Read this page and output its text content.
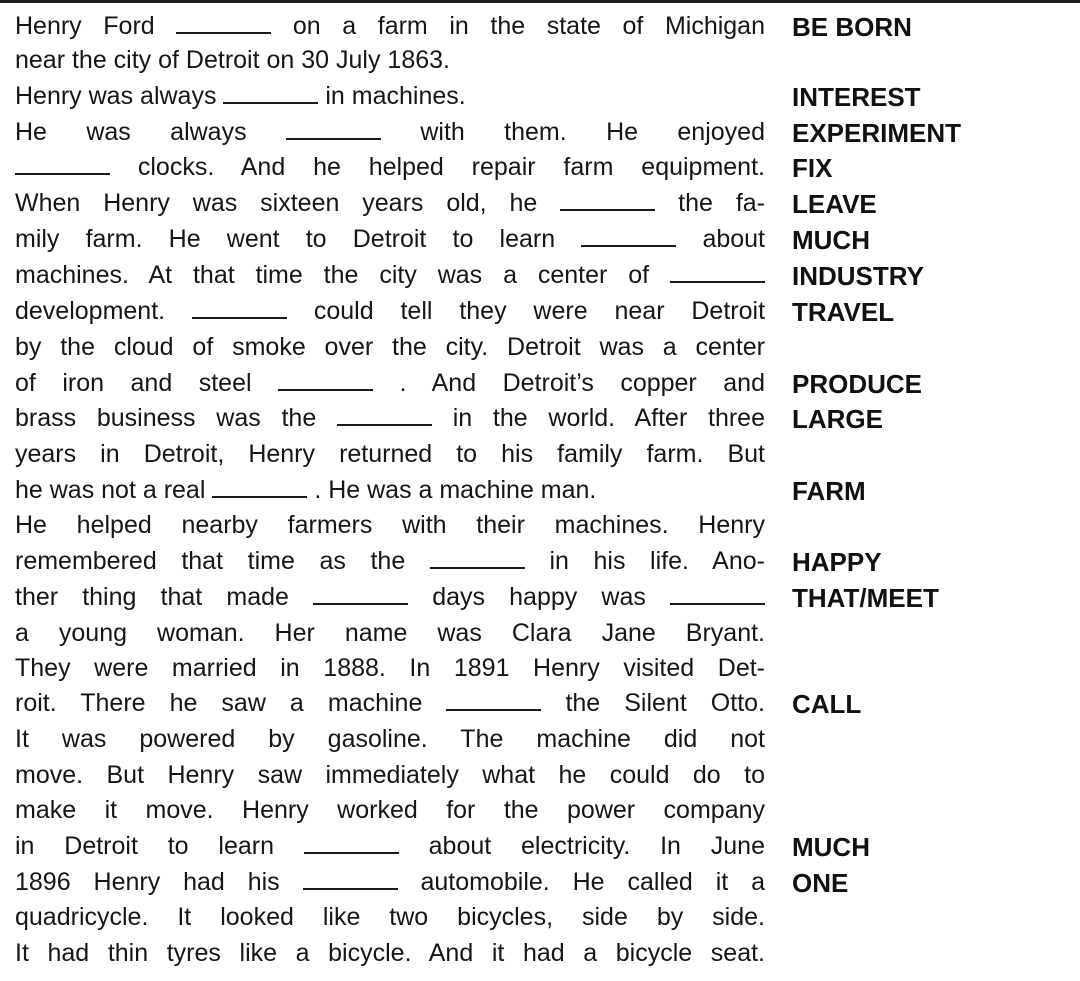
Henry Ford	on a farm in the state of Michigan
near the city of Detroit on 30 July 1863.
Henry was always	in machines.
He was always	with them. He enjoyed
clocks. And he helped repair farm equipment.
When Henry was sixteen years old, he	the fa-
mily farm. He went to Detroit to learn	about
machines. At that time the city was a center of
development.	could tell they were near Detroit
by the cloud of smoke over the city. Detroit was a center
of iron and steel	. And Detroit’s copper and
brass business was the	in the world. After three
years in Detroit, Henry returned to his family farm. But
he was not a real	. He was a machine man.
He helped nearby farmers with their machines. Henry
remembered that time as the	in his life. Ano-
ther thing that made	days happy was
a young woman. Her name was Clara Jane Bryant.
They were married in 1888. In 1891 Henry visited Det-
roit. There he saw a machine	the Silent Otto.
It was powered by gasoline. The machine did not
move. But Henry saw immediately what he could do to
make it move. Henry worked for the power company
in Detroit to learn	about electricity. In June
1896 Henry had his	automobile. He called it a
quadricycle. It looked like two bicycles, side by side.
It had thin tyres like a bicycle. And it had a bicycle seat.
BE BORN
INTEREST
EXPERIMENT
FIX
LEAVE
MUCH
INDUSTRY
TRAVEL
PRODUCE
LARGE
FARM
HAPPY
THAT/MEET
CALL
MUCH
ONE
